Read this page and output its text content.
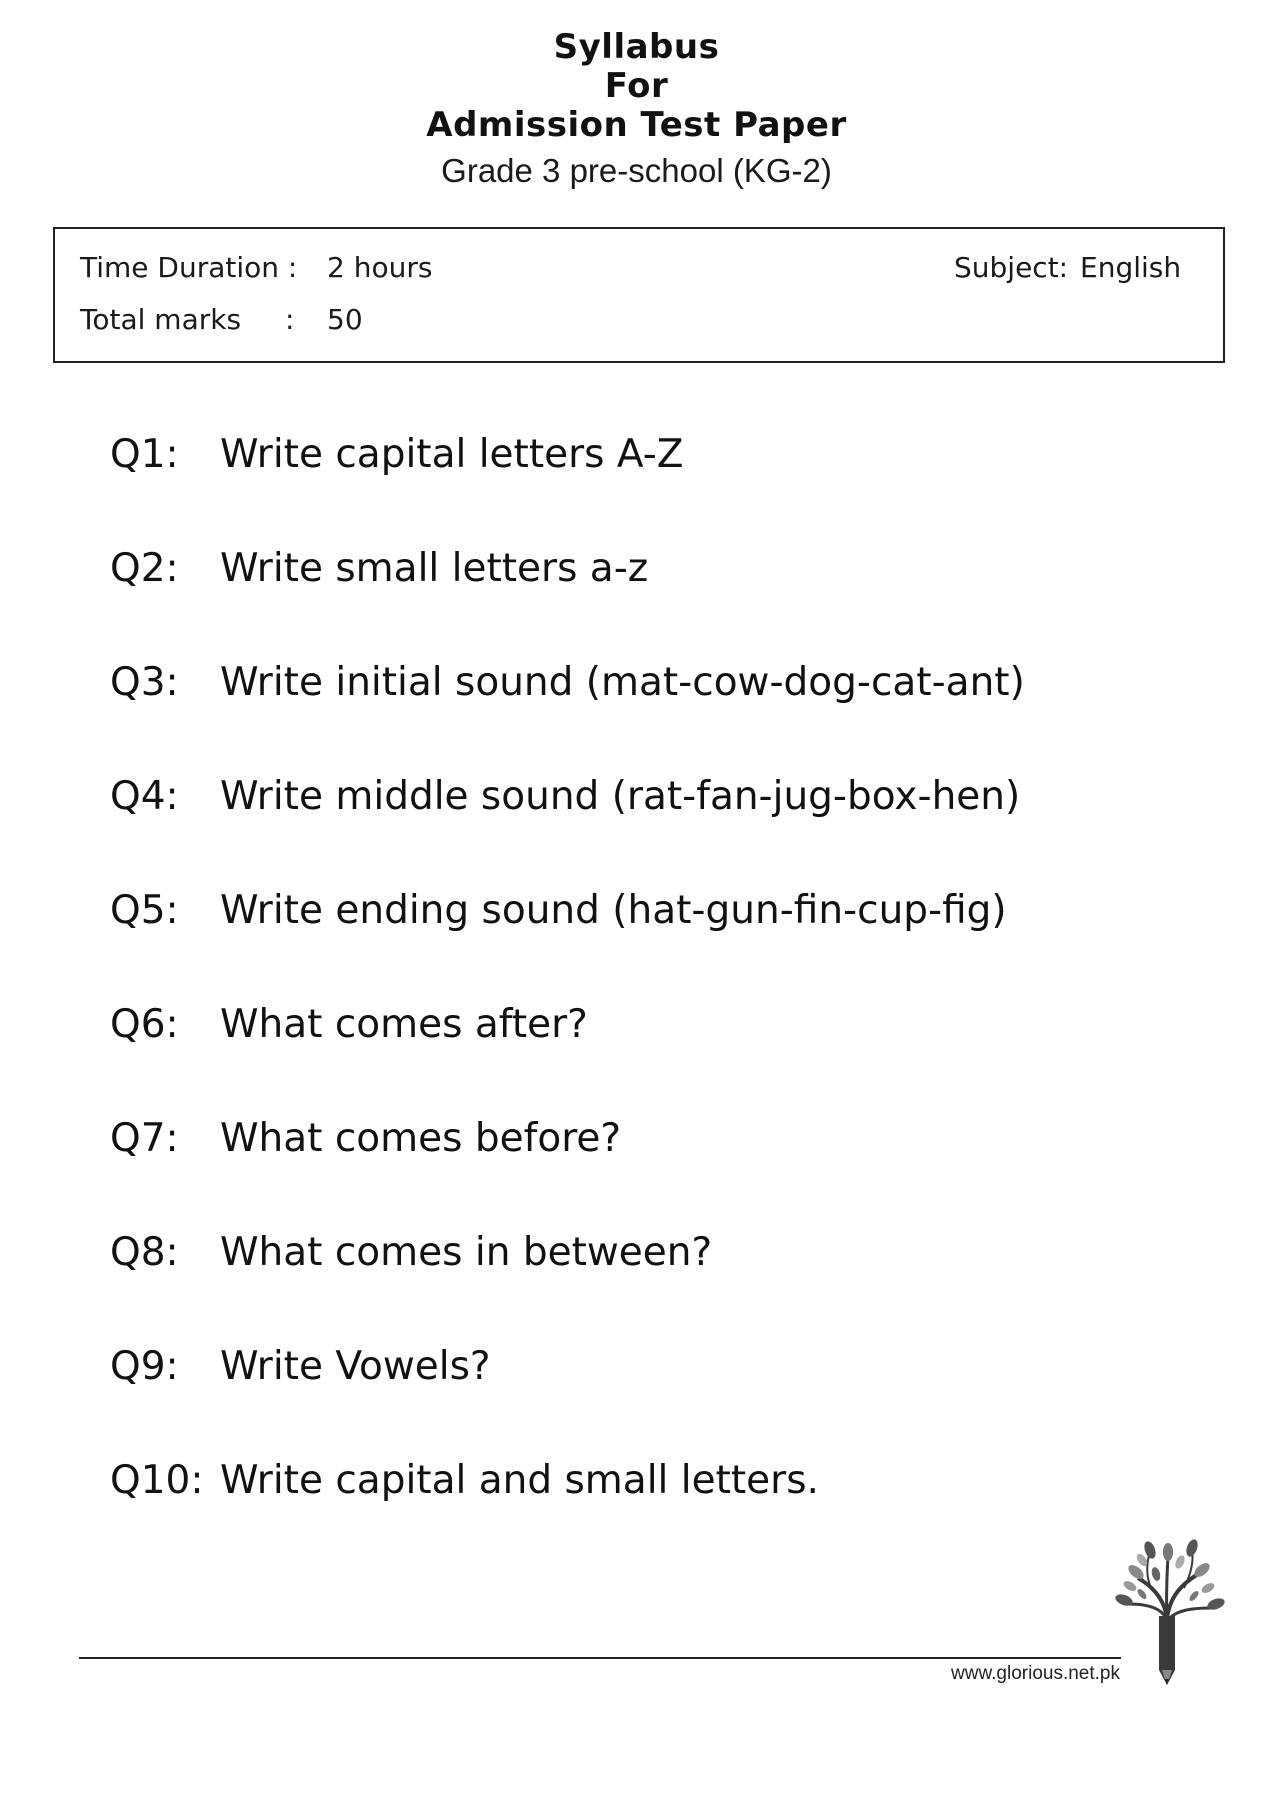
Syllabus
For
Admission Test Paper
Grade 3 pre-school (KG-2)
Time Duration : 2 hours
Total marks : 50
Subject: English
Q1: Write capital letters A-Z
Q2: Write small letters a-z
Q3: Write initial sound (mat-cow-dog-cat-ant)
Q4: Write middle sound (rat-fan-jug-box-hen)
Q5: Write ending sound (hat-gun-fin-cup-fig)
Q6: What comes after?
Q7: What comes before?
Q8: What comes in between?
Q9: Write Vowels?
Q10: Write capital and small letters.
www.glorious.net.pk
